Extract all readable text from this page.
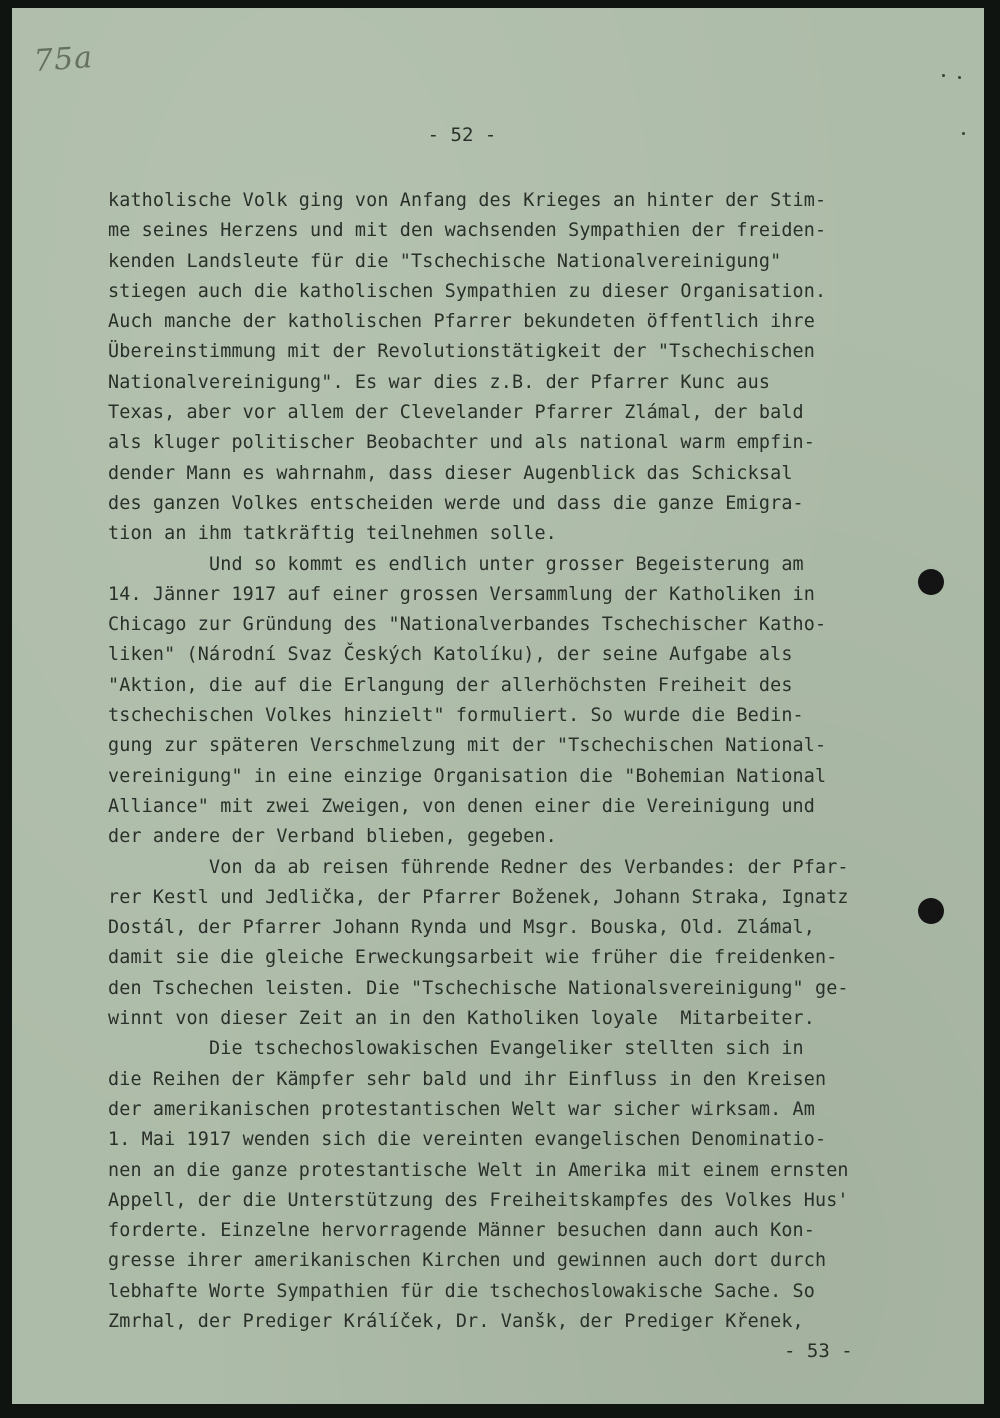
75a
- 52 -
katholische Volk ging von Anfang des Krieges an hinter der Stim-
me seines Herzens und mit den wachsenden Sympathien der freiden-
kenden Landsleute für die "Tschechische Nationalvereinigung"
stiegen auch die katholischen Sympathien zu dieser Organisation.
Auch manche der katholischen Pfarrer bekundeten öffentlich ihre
Übereinstimmung mit der Revolutionstätigkeit der "Tschechischen
Nationalvereinigung". Es war dies z.B. der Pfarrer Kunc aus
Texas, aber vor allem der Clevelander Pfarrer Zlámal, der bald
als kluger politischer Beobachter und als national warm empfin-
dender Mann es wahrnahm, dass dieser Augenblick das Schicksal
des ganzen Volkes entscheiden werde und dass die ganze Emigra-
tion an ihm tatkräftig teilnehmen solle.
Und so kommt es endlich unter grosser Begeisterung am
14. Jänner 1917 auf einer grossen Versammlung der Katholiken in
Chicago zur Gründung des "Nationalverbandes Tschechischer Katho-
liken" (Národní Svaz Českých Katolíku), der seine Aufgabe als
"Aktion, die auf die Erlangung der allerhöchsten Freiheit des
tschechischen Volkes hinzielt" formuliert. So wurde die Bedin-
gung zur späteren Verschmelzung mit der "Tschechischen National-
vereinigung" in eine einzige Organisation die "Bohemian National
Alliance" mit zwei Zweigen, von denen einer die Vereinigung und
der andere der Verband blieben, gegeben.
Von da ab reisen führende Redner des Verbandes: der Pfar-
rer Kestl und Jedlička, der Pfarrer Boženek, Johann Straka, Ignatz
Dostál, der Pfarrer Johann Rynda und Msgr. Bouska, Old. Zlámal,
damit sie die gleiche Erweckungsarbeit wie früher die freidenken-
den Tschechen leisten. Die "Tschechische Nationalsvereinigung" ge-
winnt von dieser Zeit an in den Katholiken loyale  Mitarbeiter.
Die tschechoslowakischen Evangeliker stellten sich in
die Reihen der Kämpfer sehr bald und ihr Einfluss in den Kreisen
der amerikanischen protestantischen Welt war sicher wirksam. Am
1. Mai 1917 wenden sich die vereinten evangelischen Denominatio-
nen an die ganze protestantische Welt in Amerika mit einem ernsten
Appell, der die Unterstützung des Freiheitskampfes des Volkes Hus'
forderte. Einzelne hervorragende Männer besuchen dann auch Kon-
gresse ihrer amerikanischen Kirchen und gewinnen auch dort durch
lebhafte Worte Sympathien für die tschechoslowakische Sache. So
Zmrhal, der Prediger Králíček, Dr. Vanšk, der Prediger Křenek,
- 53 -
